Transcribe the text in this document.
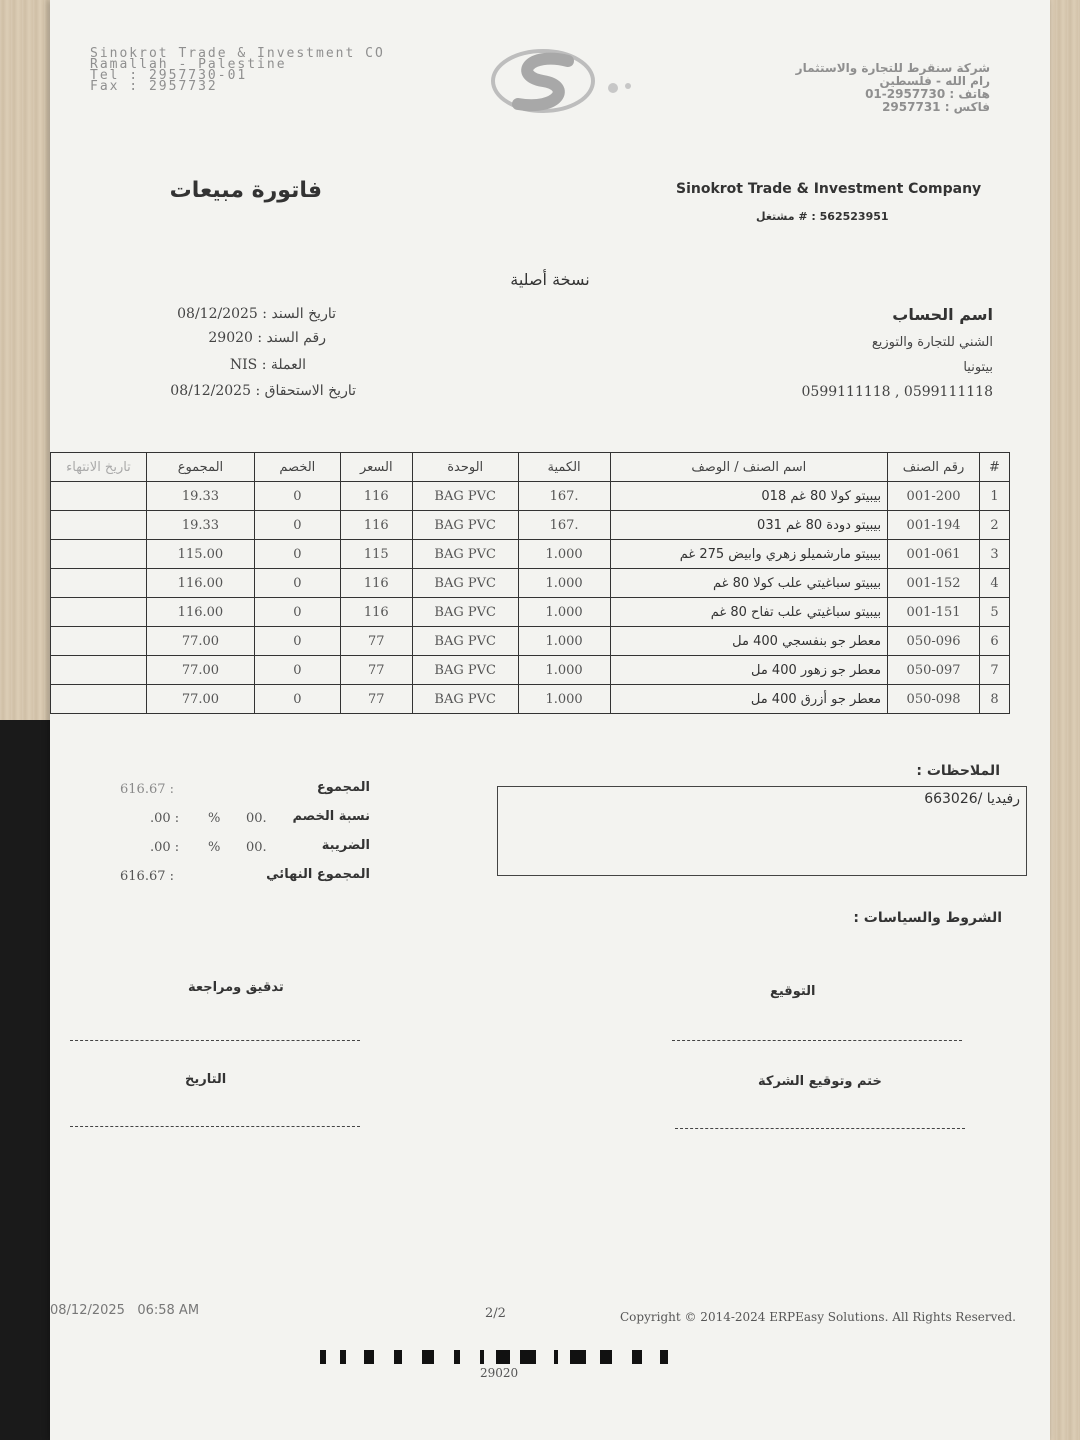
Sinokrot Trade & Investment CO
Ramallah - Palestine
Tel : 2957730-01
Fax : 2957732
شركة سنقرط للتجارة والاستثمار
رام الله - فلسطين
هاتف : 2957730-01
فاكس : 2957731
فاتورة مبيعات	Sinokrot Trade & Investment Company
562523951 : # مشتغل
نسخة أصلية
تاريخ السند : 08/12/2025
رقم السند : 29020
العملة : NIS
تاريخ الاستحقاق : 08/12/2025
اسم الحساب
الشني للتجارة والتوزيع
بيتونيا
0599111118 , 0599111118
#	رقم الصنف	اسم الصنف / الوصف	الكمية	الوحدة	السعر	الخصم	المجموع	تاريخ الانتهاء
1	001-200	بيبيتو كولا 80 غم 018	.167	BAG PVC	116	0	19.33	
2	001-194	بيبيتو دودة 80 غم 031	.167	BAG PVC	116	0	19.33	
3	001-061	بيبيتو مارشميلو زهري وابيض 275 غم	1.000	BAG PVC	115	0	115.00	
4	001-152	بيبيتو سباغيتي علب كولا 80 غم	1.000	BAG PVC	116	0	116.00	
5	001-151	بيبيتو سباغيتي علب تفاح 80 غم	1.000	BAG PVC	116	0	116.00	
6	050-096	معطر جو بنفسجي 400 مل	1.000	BAG PVC	77	0	77.00	
7	050-097	معطر جو زهور 400 مل	1.000	BAG PVC	77	0	77.00	
8	050-098	معطر جو أزرق 400 مل	1.000	BAG PVC	77	0	77.00	
المجموع
616.67 :
نسبة الخصم
00.
%
.00 :
الضريبة
00.
%
.00 :
المجموع النهائي
616.67 :
الملاحظات :
رفيديا /663026
الشروط والسياسات :
التوقيع
تدقيق ومراجعة
ختم وتوقيع الشركة
التاريخ
08/12/2025   06:58 AM	2/2	Copyright © 2014-2024 ERPEasy Solutions. All Rights Reserved.
29020
